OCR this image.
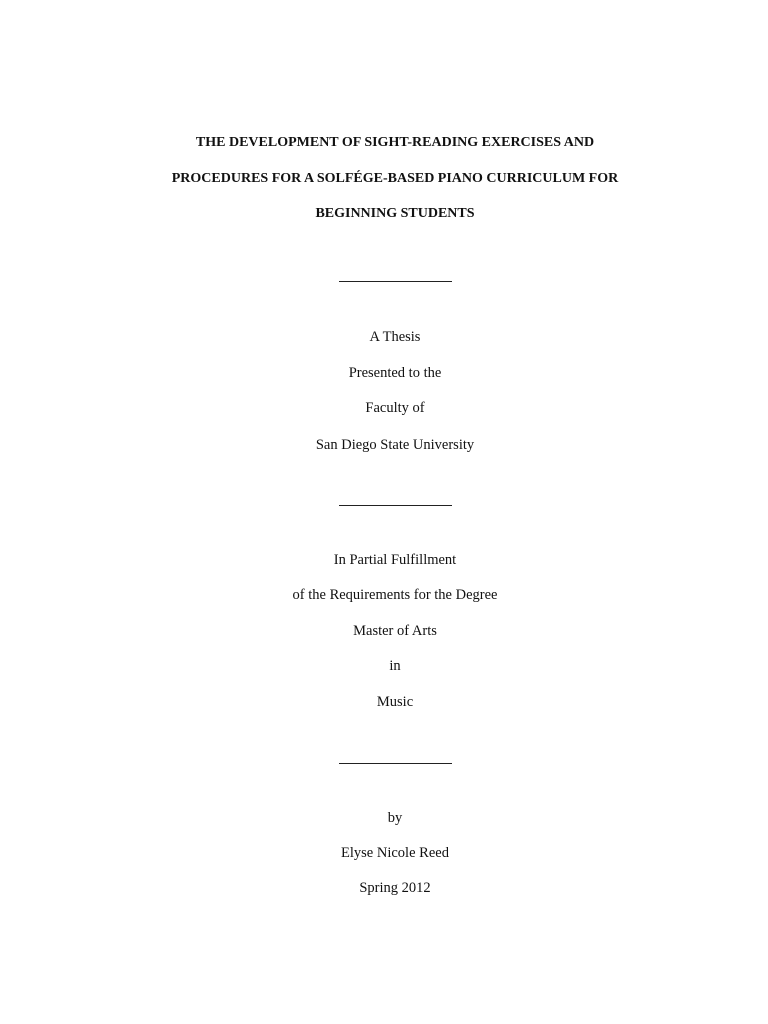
THE DEVELOPMENT OF SIGHT-READING EXERCISES AND
PROCEDURES FOR A SOLFÉGE-BASED PIANO CURRICULUM FOR
BEGINNING STUDENTS
A Thesis
Presented to the
Faculty of
San Diego State University
In Partial Fulfillment
of the Requirements for the Degree
Master of Arts
in
Music
by
Elyse Nicole Reed
Spring 2012
